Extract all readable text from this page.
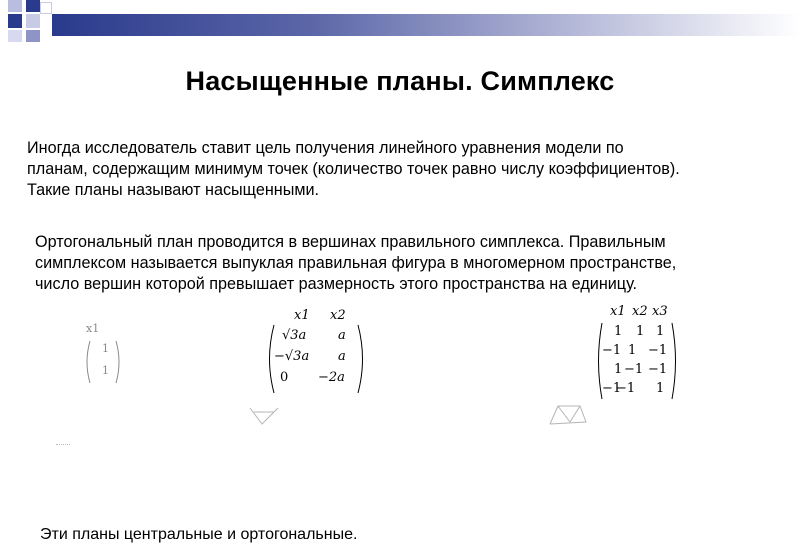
Насыщенные планы. Симплекс
Иногда исследователь ставит цель получения линейного уравнения модели по
планам, содержащим минимум точек (количество точек равно числу коэффициентов).
Такие планы называют насыщенными.
Ортогональный план проводится в вершинах правильного симплекса. Правильным
симплексом называется выпуклая правильная фигура в многомерном пространстве,
число вершин которой превышает размерность этого пространства на единицу.
x1
1
1
x1 x2
√3a a
−√3a a
0 −2a
x1 x2 x3
1 1 1
−1 1 −1
1 −1 −1
−1
−1 1
Эти планы центральные и ортогональные.
